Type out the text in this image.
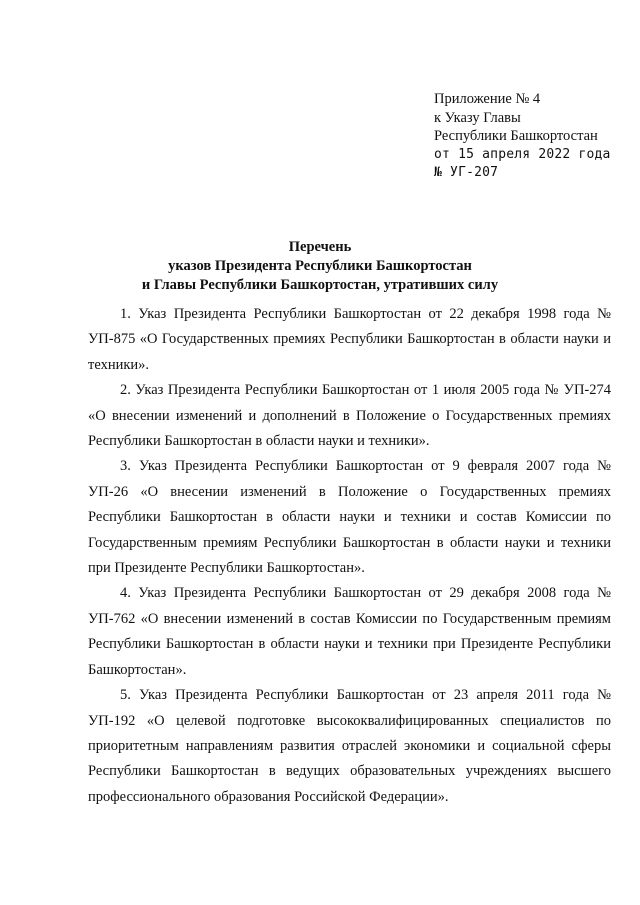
Приложение № 4
к Указу Главы
Республики Башкортостан
от 15 апреля 2022 года
№ УГ-207
Перечень
указов Президента Республики Башкортостан
и Главы Республики Башкортостан, утративших силу

1. Указ Президента Республики Башкортостан от 22 декабря 1998 года № УП-875 «О Государственных премиях Республики Башкортостан в области науки и техники».

2. Указ Президента Республики Башкортостан от 1 июля 2005 года № УП-274 «О внесении изменений и дополнений в Положение о Государственных премиях Республики Башкортостан в области науки и техники».

3. Указ Президента Республики Башкортостан от 9 февраля 2007 года № УП-26 «О внесении изменений в Положение о Государственных премиях Республики Башкортостан в области науки и техники и состав Комиссии по Государственным премиям Республики Башкортостан в области науки и техники при Президенте Республики Башкортостан».

4. Указ Президента Республики Башкортостан от 29 декабря 2008 года № УП-762 «О внесении изменений в состав Комиссии по Государственным премиям Республики Башкортостан в области науки и техники при Президенте Республики Башкортостан».

5. Указ Президента Республики Башкортостан от 23 апреля 2011 года № УП-192 «О целевой подготовке высококвалифицированных специалистов по приоритетным направлениям развития отраслей экономики и социальной сферы Республики Башкортостан в ведущих образовательных учреждениях высшего профессионального образования Российской Федерации».
